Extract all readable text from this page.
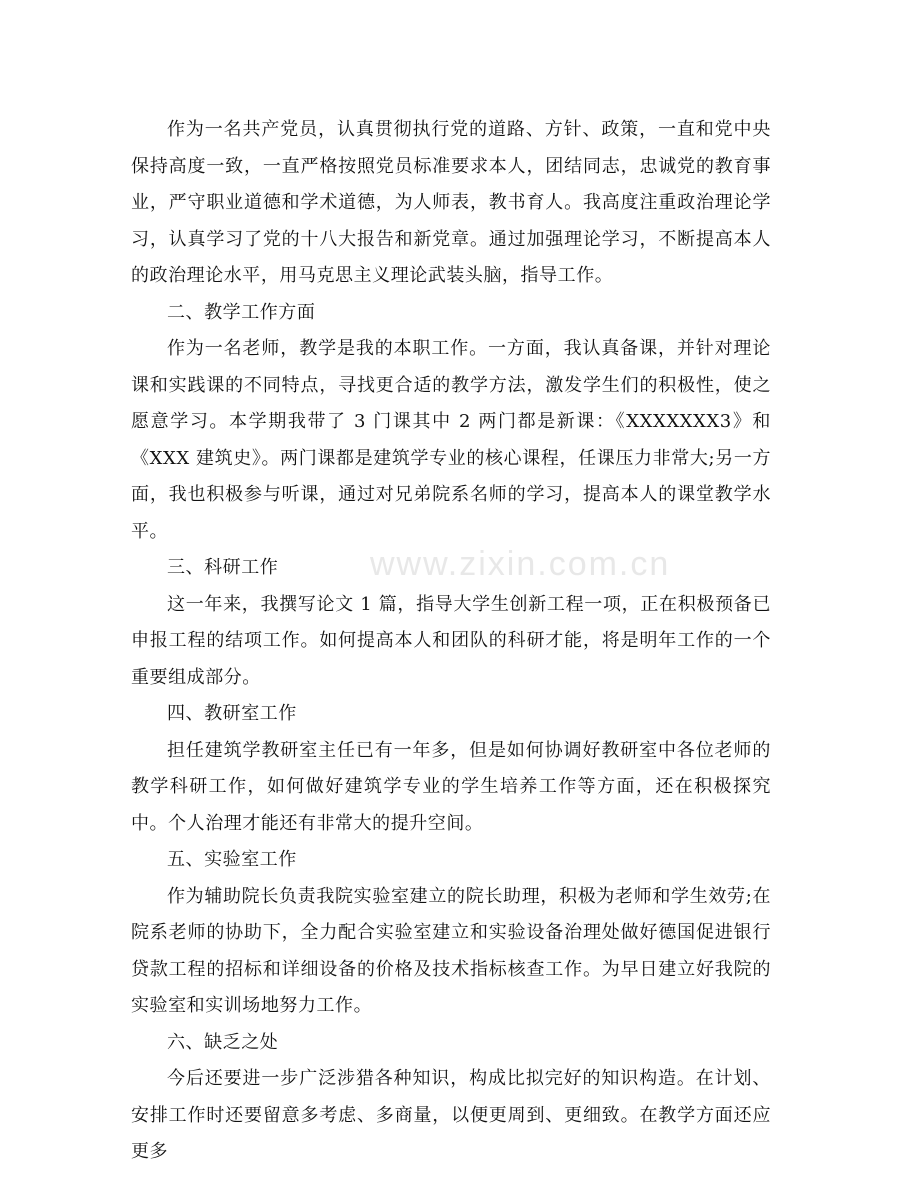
作为一名共产党员，认真贯彻执行党的道路、方针、政策，一直和党中央保持高度一致，一直严格按照党员标准要求本人，团结同志，忠诚党的教育事业，严守职业道德和学术道德，为人师表，教书育人。我高度注重政治理论学习，认真学习了党的十八大报告和新党章。通过加强理论学习，不断提高本人的政治理论水平，用马克思主义理论武装头脑，指导工作。

二、教学工作方面

作为一名老师，教学是我的本职工作。一方面，我认真备课，并针对理论课和实践课的不同特点，寻找更合适的教学方法，激发学生们的积极性，使之愿意学习。本学期我带了 3 门课其中 2 两门都是新课：《XXXXXXX3》和《XXX 建筑史》。两门课都是建筑学专业的核心课程，任课压力非常大;另一方面，我也积极参与听课，通过对兄弟院系名师的学习，提高本人的课堂教学水平。

三、科研工作

这一年来，我撰写论文 1 篇，指导大学生创新工程一项，正在积极预备已申报工程的结项工作。如何提高本人和团队的科研才能，将是明年工作的一个重要组成部分。

四、教研室工作

担任建筑学教研室主任已有一年多，但是如何协调好教研室中各位老师的教学科研工作，如何做好建筑学专业的学生培养工作等方面，还在积极探究中。个人治理才能还有非常大的提升空间。

五、实验室工作

作为辅助院长负责我院实验室建立的院长助理，积极为老师和学生效劳;在院系老师的协助下，全力配合实验室建立和实验设备治理处做好德国促进银行贷款工程的招标和详细设备的价格及技术指标核查工作。为早日建立好我院的实验室和实训场地努力工作。

六、缺乏之处

今后还要进一步广泛涉猎各种知识，构成比拟完好的知识构造。在计划、安排工作时还要留意多考虑、多商量，以便更周到、更细致。在教学方面还应更多

www.zixin.com.cn
